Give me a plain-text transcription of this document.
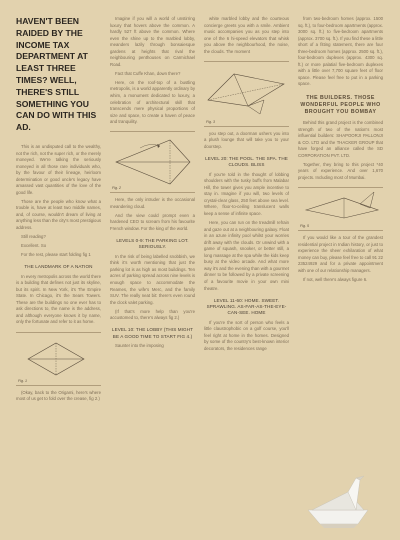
HAVEN'T BEEN RAIDED BY THE INCOME TAX DEPARTMENT AT LEAST THREE TIMES? WELL, THERE'S STILL SOMETHING YOU CAN DO WITH THIS AD.

This is an undisputed call to the wealthy, not the rich, not the super rich, or the merely moneyed. We're talking the seriously moneyed in all those rare individuals who, by the favour of their lineage, heirloom determination or good uncle's legacy have amassed vast quantities of the love of the good life.

Those are the people who know what a trouble is, have at least two middle names, and, of course, wouldn't dream of living at anything less than the city's most prestigious address.

Still reading?

Excellent. So

For the rest, please start folding fig 1

THE LANDMARK OF A NATION

In every metropolis across the world there is a building that defines not just its skyline, but its spirit. In New York, it's The Empire State. In Chicago, it's the Sears Towers. These are the buildings no one ever has to ask directions to, the name is the address, and although everyone knows it by name, only the fortunate and refer to it as home.

Fig. 1

(Okay, back to the Origami, here's where most of us get to fold over the crease, fig 2.)

Imagine if you will a world of unstirring luxury that hovers above the common. A hardly 527 ft above the common. Where even the shine up to the marbled lobby, meanders lazily through bonsaiesque gardens at heights that rival the neighbouring penthouses on Carmichael Road.

Fact that Cuffe Khan, down there?

Here, on the roof-top of a bustling metropolis, is a world apparently ordinary by whim, a monument dedicated to luxury, a celebration of architectural skill that transcends mere physical proportions of size and space, to create a haven of peace and tranquility.

Fig. 2

Here, the only intruder is the occasional meandering cloud.

And the view could prompt even a hardened CEO to scream from his favourite French window. For the king of the world.

LEVELS 0-9: THE PARKING LOT. SERIOUSLY.

In the risk of being labelled snobbish, we think it's worth mentioning that just the parking lot is as high as most buildings. Ten acres of parking spread across nine levels is enough space to accommodate the Reames, the wife's Merc, and the family SUV. The really neat bit: there's even round the clock valet parking.

(If that's more help than you're accustomed to, there's always fig 2.)

LEVEL 10: THE LOBBY (THIS MIGHT BE A GOOD TIME TO START FIG 4.)

Saunter into the imposing

white marbled lobby and the courteous concierge greets you with a smile. Ambient music accompanies you as you step into one of the 6 hi-speed elevators that whisk you above the neighbourhood, the noise, the clouds. The moment

Fig. 3

you step out, a doorman ushers you into a plush lounge that will take you to your doorstep.

LEVEL 20: THE POOL. THE SPA. THE CLOUDS. BLISS

If you're told in the thought of lobbing shoulders with the tusky buffs from Malabar Hill, the tower gives you ample incentive to stay in. Imagine if you will, two levels of crystal-clear glass, 250 feet above sea level. Where, floor-to-ceiling translucent walls keep a sense of infinite space.

Here, you can run on the treadmill refrain and gaze out at a neighbouring galaxy. Float in an azure infinity pool whilst your worries drift away with the clouds. Or unwind with a game of squash, snooker, or better still, a long massage at the spa while the kids keep busy at the video arcade. And what more way it's and the evening than with a gourmet dinner to be followed by a private screening of a favourite movie in your own mini theatre.

LEVEL 11-60: HOME. SWEET. SPRAWLING. AS-FAR-AS-THE-EYE-CAN-SEE. HOME

If you're the sort of person who feels a little claustrophobic on a golf course, you'll feel right at home in the homes. Designed by some of the country's best-known interior decorators, the residences range

from two-bedroom homes (approx. 1500 sq. ft.), to four-bedroom apartments (approx. 3000 sq. ft.) to five-bedroom apartments (approx. 3700 sq. ft.). If you find these a little short of a fitting statement, there are four three-bedroom homes (approx. 2500 sq. ft.), four-bedroom duplexes (approx. 4300 sq. ft.) or more palatial five-bedroom duplexes with a little over 7,700 square feet of floor space. Please feel free to put in a parking space.

THE BUILDERS. THOSE WONDERFUL PEOPLE WHO BROUGHT YOU BOMBAY

Behind this grand project is the combined strength of two of the nation's most influential builders: SHAPOORJI PALLONJI & CO. LTD and the THACKER GROUP that have forged an alliance called the SD CORPORATION PVT. LTD.

Together, they bring to this project *40 years of experience. And over 1,670 projects. Including most of Mumbai.

Fig. 5

If you would like a tour of the grandest residential project in Indian history, or just to experience the sheer exhilaration of what money can buy, please feel free to call 91 22 23524929 and for a private appointment with one of our relationship managers.

If not, well there's always figure 6.
